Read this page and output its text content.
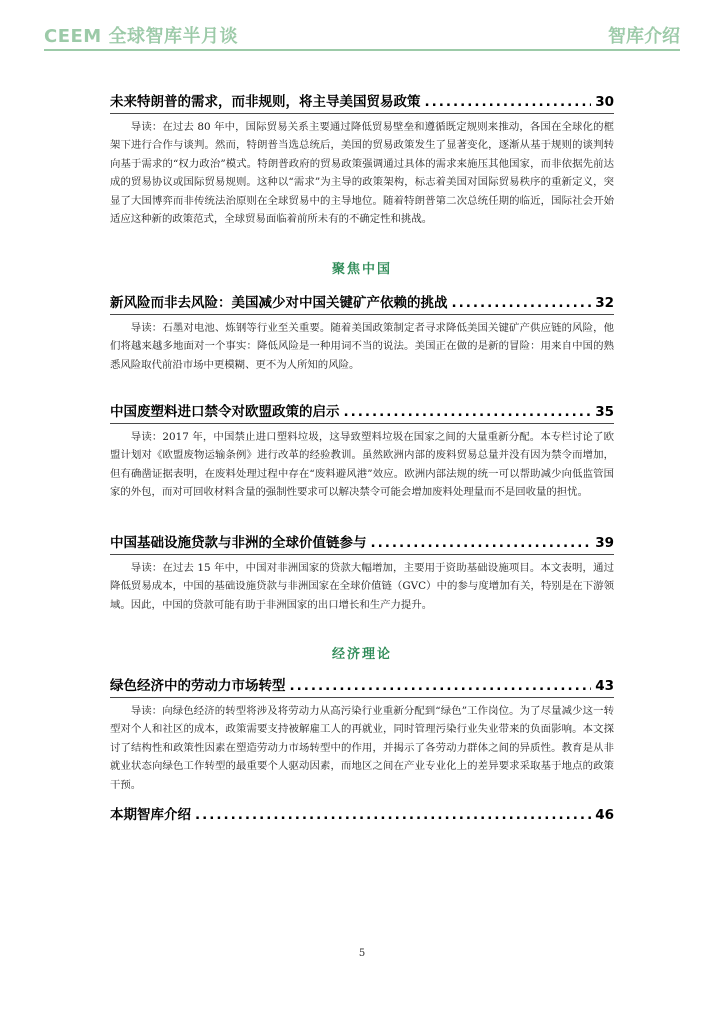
CEEM 全球智库半月谈	智库介绍
未来特朗普的需求，而非规则，将主导美国贸易政策 .....	30
导读：在过去 80 年中，国际贸易关系主要通过降低贸易壁垒和遵循既定规则来推动，各国在全球化的框架下进行合作与谈判。然而，特朗普当选总统后，美国的贸易政策发生了显著变化，逐渐从基于规则的谈判转向基于需求的“权力政治”模式。特朗普政府的贸易政策强调通过具体的需求来施压其他国家，而非依据先前达成的贸易协议或国际贸易规则。这种以“需求”为主导的政策架构，标志着美国对国际贸易秩序的重新定义，突显了大国博弈而非传统法治原则在全球贸易中的主导地位。随着特朗普第二次总统任期的临近，国际社会开始适应这种新的政策范式，全球贸易面临着前所未有的不确定性和挑战。
聚焦中国
新风险而非去风险：美国减少对中国关键矿产依赖的挑战 .....	32
导读：石墨对电池、炼钢等行业至关重要。随着美国政策制定者寻求降低美国关键矿产供应链的风险，他们将越来越多地面对一个事实：降低风险是一种用词不当的说法。美国正在做的是新的冒险：用来自中国的熟悉风险取代前沿市场中更模糊、更不为人所知的风险。
中国废塑料进口禁令对欧盟政策的启示 .....	35
导读：2017 年，中国禁止进口塑料垃圾，这导致塑料垃圾在国家之间的大量重新分配。本专栏讨论了欧盟计划对《欧盟废物运输条例》进行改革的经验教训。虽然欧洲内部的废料贸易总量并没有因为禁令而增加，但有确凿证据表明，在废料处理过程中存在“废料避风港”效应。欧洲内部法规的统一可以帮助减少向低监管国家的外包，而对可回收材料含量的强制性要求可以解决禁令可能会增加废料处理量而不是回收量的担忧。
中国基础设施贷款与非洲的全球价值链参与 .....	39
导读：在过去 15 年中，中国对非洲国家的贷款大幅增加，主要用于资助基础设施项目。本文表明，通过降低贸易成本，中国的基础设施贷款与非洲国家在全球价值链（GVC）中的参与度增加有关，特别是在下游领域。因此，中国的贷款可能有助于非洲国家的出口增长和生产力提升。
经济理论
绿色经济中的劳动力市场转型 .....	43
导读：向绿色经济的转型将涉及将劳动力从高污染行业重新分配到“绿色”工作岗位。为了尽量减少这一转型对个人和社区的成本，政策需要支持被解雇工人的再就业，同时管理污染行业失业带来的负面影响。本文探讨了结构性和政策性因素在塑造劳动力市场转型中的作用，并揭示了各劳动力群体之间的异质性。教育是从非就业状态向绿色工作转型的最重要个人驱动因素，而地区之间在产业专业化上的差异要求采取基于地点的政策干预。
本期智库介绍 .....	46
5
